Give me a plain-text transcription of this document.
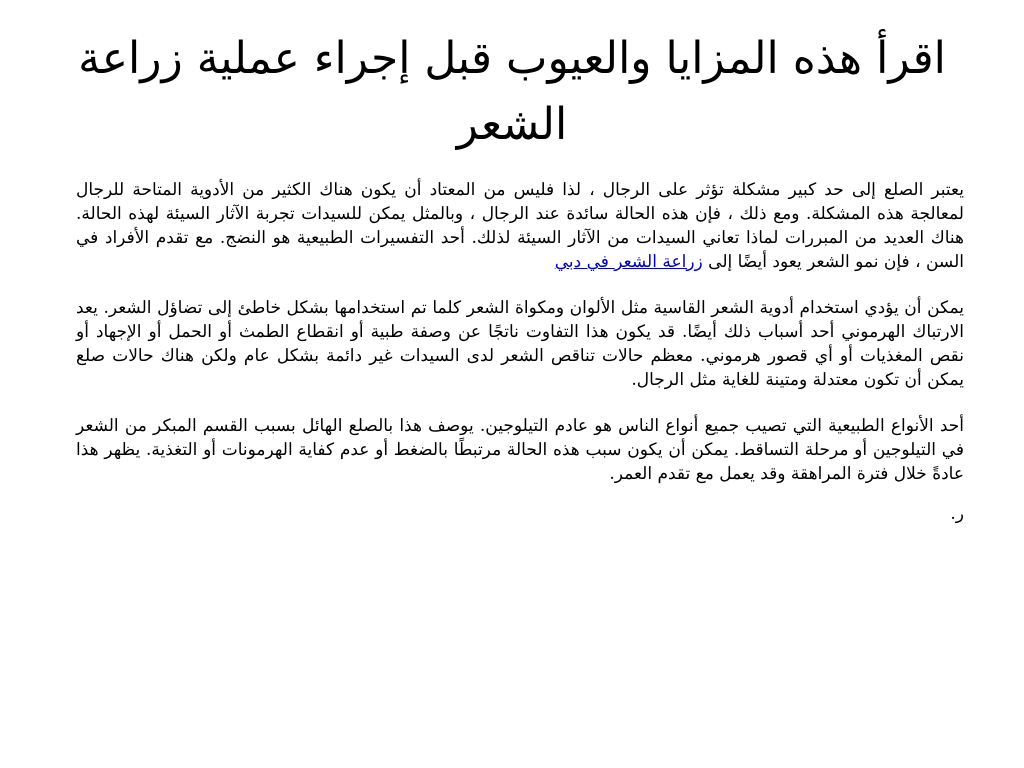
اقرأ هذه المزايا والعيوب قبل إجراء عملية زراعة الشعر

يعتبر الصلع إلى حد كبير مشكلة تؤثر على الرجال ، لذا فليس من المعتاد أن يكون هناك الكثير من الأدوية المتاحة للرجال لمعالجة هذه المشكلة. ومع ذلك ، فإن هذه الحالة سائدة عند الرجال ، وبالمثل يمكن للسيدات تجربة الآثار السيئة لهذه الحالة. هناك العديد من المبررات لماذا تعاني السيدات من الآثار السيئة لذلك. أحد التفسيرات الطبيعية هو النضج. مع تقدم الأفراد في السن ، فإن نمو الشعر يعود أيضًا إلى زراعة الشعر في دبي

يمكن أن يؤدي استخدام أدوية الشعر القاسية مثل الألوان ومكواة الشعر كلما تم استخدامها بشكل خاطئ إلى تضاؤل الشعر. يعد الارتباك الهرموني أحد أسباب ذلك أيضًا. قد يكون هذا التفاوت ناتجًا عن وصفة طبية أو انقطاع الطمث أو الحمل أو الإجهاد أو نقص المغذيات أو أي قصور هرموني. معظم حالات تناقص الشعر لدى السيدات غير دائمة بشكل عام ولكن هناك حالات صلع يمكن أن تكون معتدلة ومتينة للغاية مثل الرجال.

أحد الأنواع الطبيعية التي تصيب جميع أنواع الناس هو عادم التيلوجين. يوصف هذا بالصلع الهائل بسبب القسم المبكر من الشعر في التيلوجين أو مرحلة التساقط. يمكن أن يكون سبب هذه الحالة مرتبطًا بالضغط أو عدم كفاية الهرمونات أو التغذية. يظهر هذا عادةً خلال فترة المراهقة وقد يعمل مع تقدم العمر.

ر.
